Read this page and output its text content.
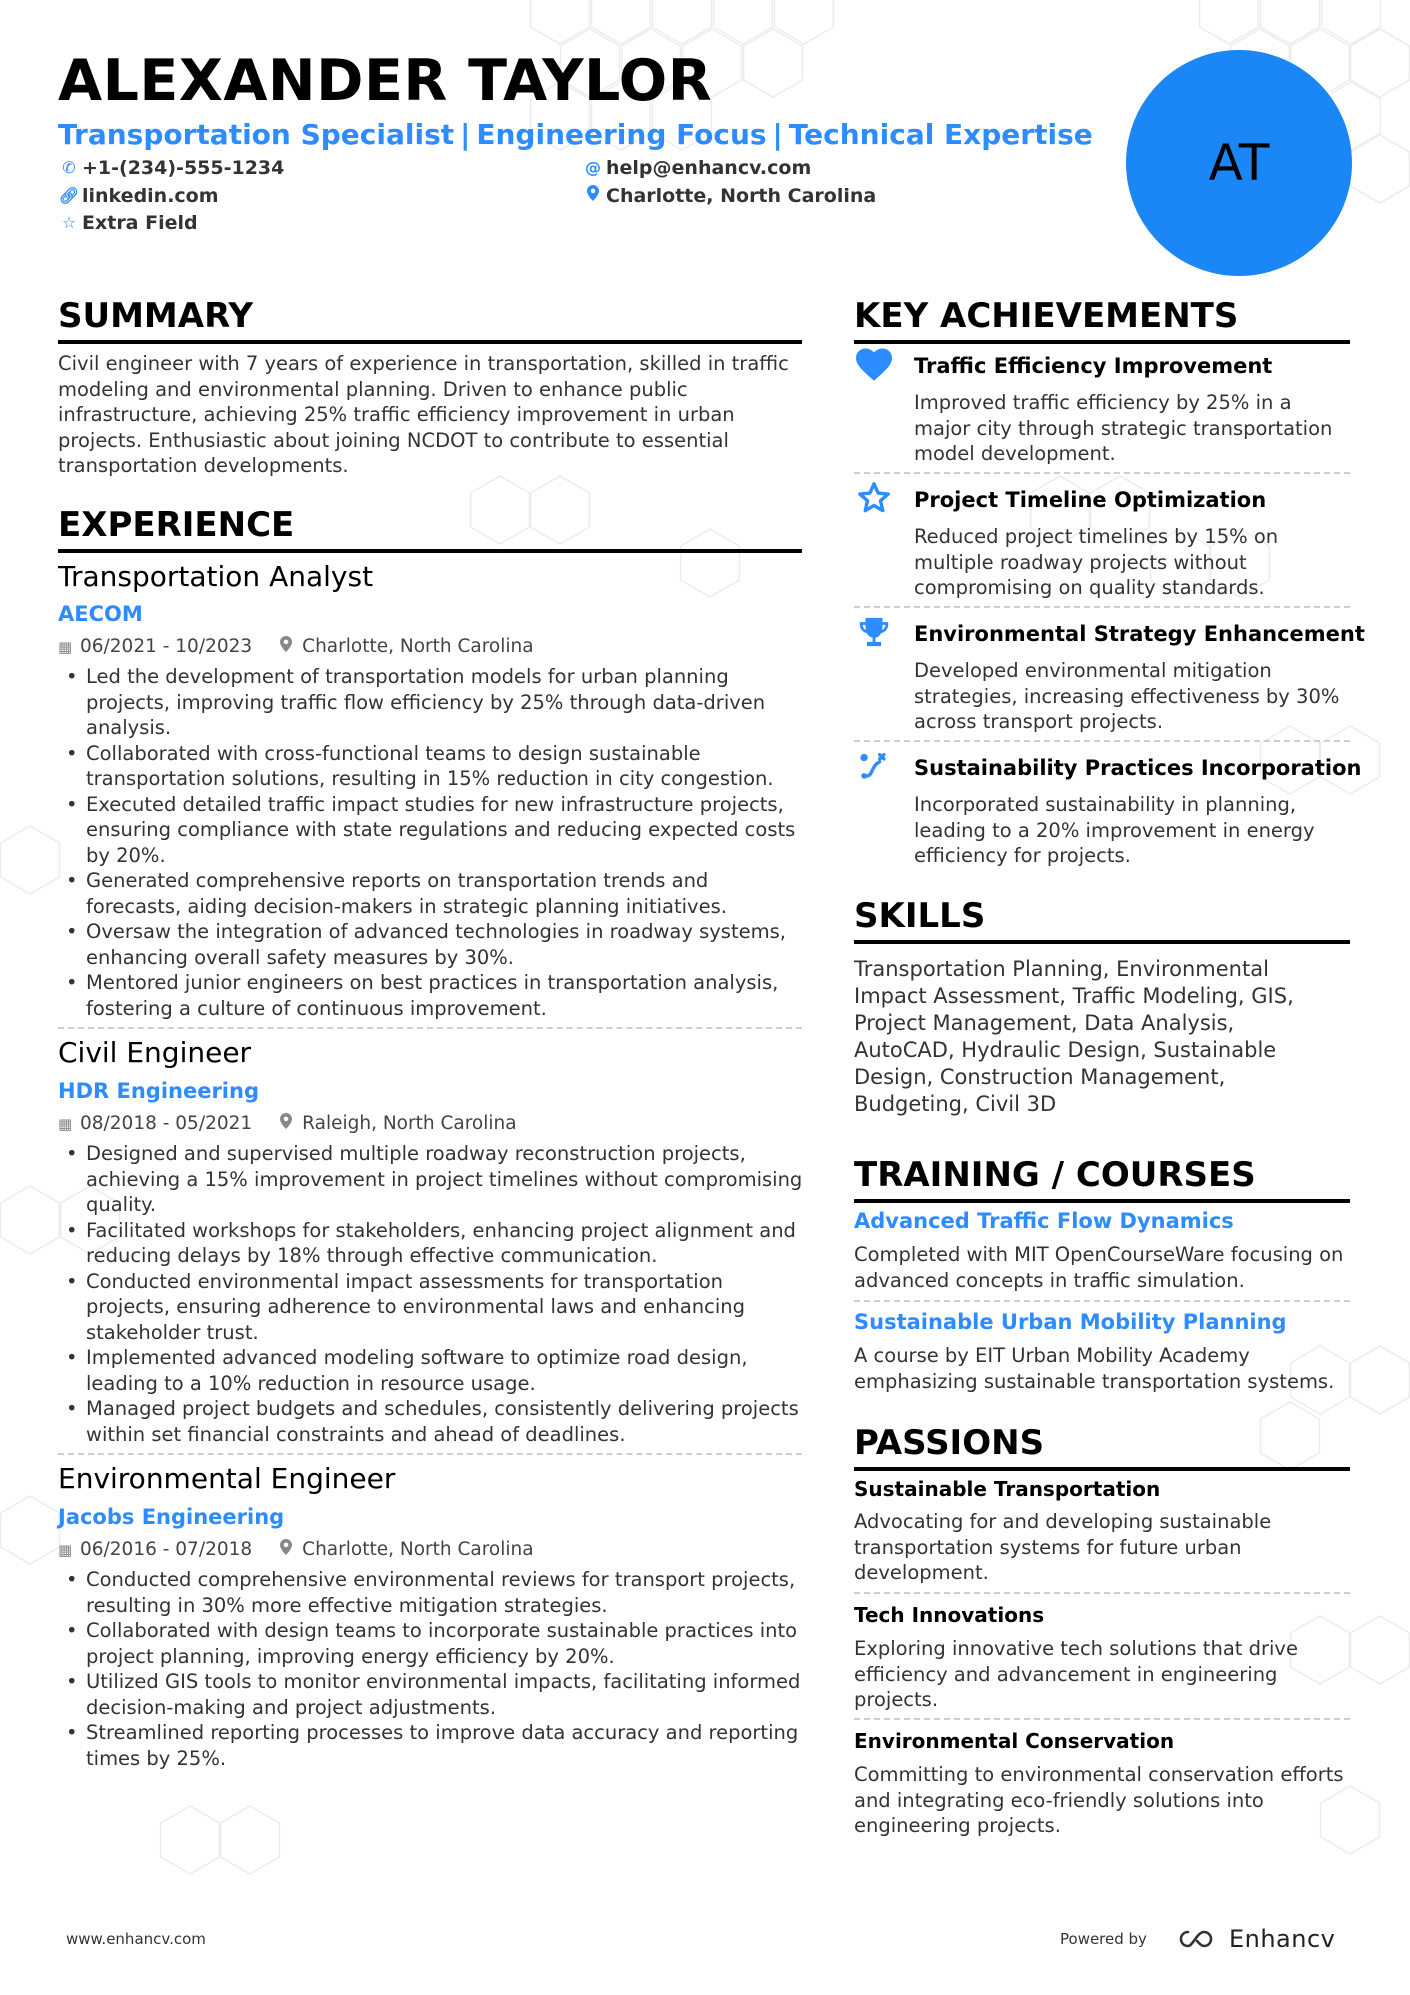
ALEXANDER TAYLOR
Transportation Specialist | Engineering Focus | Technical Expertise
✆ +1-(234)-555-1234	@ help@enhancv.com
🔗︎ linkedin.com	Charlotte, North Carolina
☆ Extra Field
AT
SUMMARY
Civil engineer with 7 years of experience in transportation, skilled in traffic modeling and environmental planning. Driven to enhance public infrastructure, achieving 25% traffic efficiency improvement in urban projects. Enthusiastic about joining NCDOT to contribute to essential transportation developments.
EXPERIENCE
Transportation Analyst
AECOM
▦ 06/2021 - 10/2023	Charlotte, North Carolina
• Led the development of transportation models for urban planning projects, improving traffic flow efficiency by 25% through data-driven analysis.
• Collaborated with cross-functional teams to design sustainable transportation solutions, resulting in 15% reduction in city congestion.
• Executed detailed traffic impact studies for new infrastructure projects, ensuring compliance with state regulations and reducing expected costs by 20%.
• Generated comprehensive reports on transportation trends and forecasts, aiding decision-makers in strategic planning initiatives.
• Oversaw the integration of advanced technologies in roadway systems, enhancing overall safety measures by 30%.
• Mentored junior engineers on best practices in transportation analysis, fostering a culture of continuous improvement.
Civil Engineer
HDR Engineering
▦ 08/2018 - 05/2021	Raleigh, North Carolina
• Designed and supervised multiple roadway reconstruction projects, achieving a 15% improvement in project timelines without compromising quality.
• Facilitated workshops for stakeholders, enhancing project alignment and reducing delays by 18% through effective communication.
• Conducted environmental impact assessments for transportation projects, ensuring adherence to environmental laws and enhancing stakeholder trust.
• Implemented advanced modeling software to optimize road design, leading to a 10% reduction in resource usage.
• Managed project budgets and schedules, consistently delivering projects within set financial constraints and ahead of deadlines.
Environmental Engineer
Jacobs Engineering
▦ 06/2016 - 07/2018	Charlotte, North Carolina
• Conducted comprehensive environmental reviews for transport projects, resulting in 30% more effective mitigation strategies.
• Collaborated with design teams to incorporate sustainable practices into project planning, improving energy efficiency by 20%.
• Utilized GIS tools to monitor environmental impacts, facilitating informed decision-making and project adjustments.
• Streamlined reporting processes to improve data accuracy and reporting times by 25%.
KEY ACHIEVEMENTS
Traffic Efficiency Improvement
Improved traffic efficiency by 25% in a major city through strategic transportation model development.
Project Timeline Optimization
Reduced project timelines by 15% on multiple roadway projects without compromising on quality standards.
Environmental Strategy Enhancement
Developed environmental mitigation strategies, increasing effectiveness by 30% across transport projects.
Sustainability Practices Incorporation
Incorporated sustainability in planning, leading to a 20% improvement in energy efficiency for projects.
SKILLS
Transportation Planning, Environmental Impact Assessment, Traffic Modeling, GIS, Project Management, Data Analysis, AutoCAD, Hydraulic Design, Sustainable Design, Construction Management, Budgeting, Civil 3D
TRAINING / COURSES
Advanced Traffic Flow Dynamics
Completed with MIT OpenCourseWare focusing on advanced concepts in traffic simulation.
Sustainable Urban Mobility Planning
A course by EIT Urban Mobility Academy emphasizing sustainable transportation systems.
PASSIONS
Sustainable Transportation
Advocating for and developing sustainable transportation systems for future urban development.
Tech Innovations
Exploring innovative tech solutions that drive efficiency and advancement in engineering projects.
Environmental Conservation
Committing to environmental conservation efforts and integrating eco-friendly solutions into engineering projects.
www.enhancv.com	Powered by	Enhancv
